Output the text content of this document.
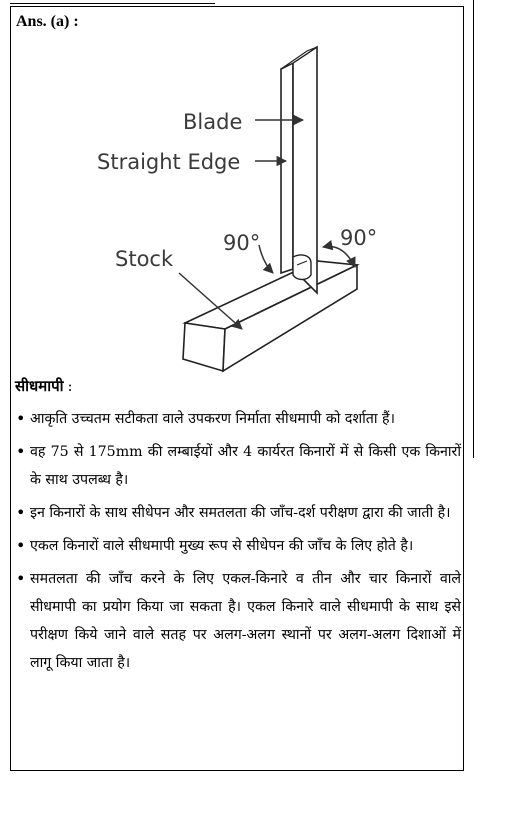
Ans. (a) :
Blade
Straight Edge
Stock
90°	90°
सीधमापी :
• आकृति उच्चतम सटीकता वाले उपकरण निर्माता सीधमापी को दर्शाता हैं।
• वह 75 से 175mm की लम्बाईयों और 4 कार्यरत किनारों में से किसी एक किनारों के साथ उपलब्ध है।
• इन किनारों के साथ सीधेपन और समतलता की जाँच-दर्श परीक्षण द्वारा की जाती है।
• एकल किनारों वाले सीधमापी मुख्य रूप से सीधेपन की जाँच के लिए होते है।
• समतलता की जाँच करने के लिए एकल-किनारे व तीन और चार किनारों वाले सीधमापी का प्रयोग किया जा सकता है। एकल किनारे वाले सीधमापी के साथ इसे परीक्षण किये जाने वाले सतह पर अलग-अलग स्थानों पर अलग-अलग दिशाओं में लागू किया जाता है।
